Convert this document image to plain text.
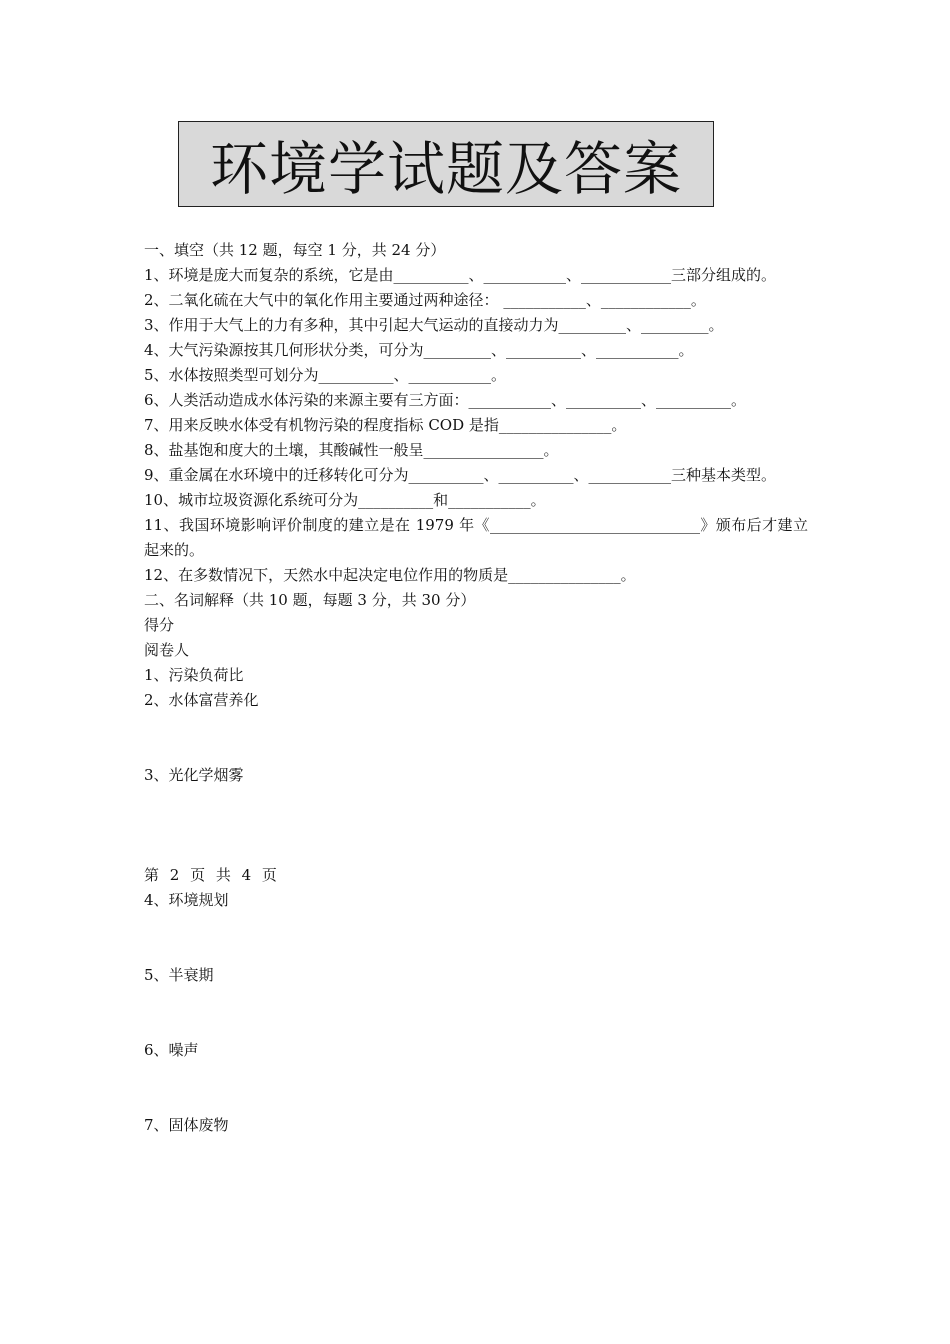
环境学试题及答案
一、填空（共 12 题，每空 1 分，共 24 分）
1、环境是庞大而复杂的系统，它是由__________、___________、____________三部分组成的。
2、二氧化硫在大气中的氧化作用主要通过两种途径： ___________、____________。
3、作用于大气上的力有多种，其中引起大气运动的直接动力为_________、_________。
4、大气污染源按其几何形状分类，可分为_________、__________、___________。
5、水体按照类型可划分为__________、___________。
6、人类活动造成水体污染的来源主要有三方面：___________、__________、__________。
7、用来反映水体受有机物污染的程度指标 COD 是指_______________。
8、盐基饱和度大的土壤，其酸碱性一般呈________________。
9、重金属在水环境中的迁移转化可分为__________、__________、___________三种基本类型。
10、城市垃圾资源化系统可分为__________和___________。
11、我国环境影响评价制度的建立是在 1979 年《____________________________》颁布后才建立起来的。
12、在多数情况下，天然水中起决定电位作用的物质是_______________。
二、名词解释（共 10 题，每题 3 分，共 30 分）
得分
阅卷人
1、污染负荷比
2、水体富营养化
3、光化学烟雾
第 2 页 共 4 页
4、环境规划
5、半衰期
6、噪声
7、固体废物
